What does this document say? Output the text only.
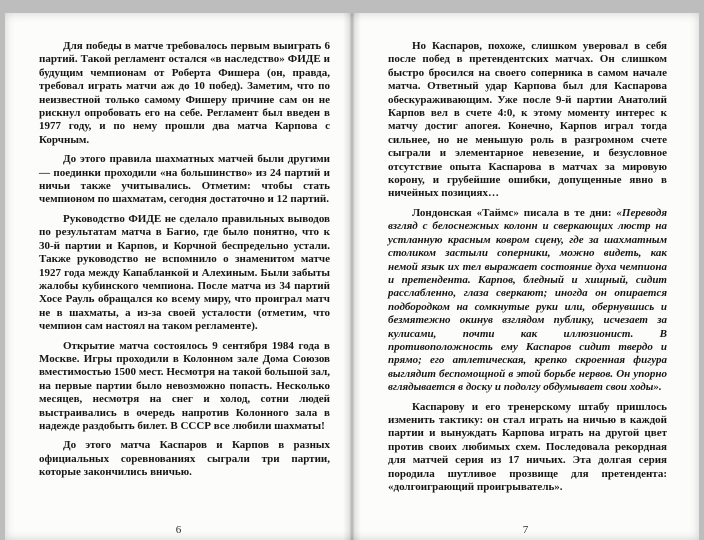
Для победы в матче требовалось первым выиграть 6 партий. Такой регламент остался «в наследство» ФИДЕ и будущим чемпионам от Роберта Фишера (он, правда, требовал играть матчи аж до 10 побед). Заметим, что по неизвестной только самому Фишеру причине сам он не рискнул опробовать его на себе. Регламент был введен в 1977 году, и по нему прошли два матча Карпова с Корчным.

До этого правила шахматных матчей были другими — поединки проходили «на большинство» из 24 партий и ничьи также учитывались. Отметим: чтобы стать чемпионом по шахматам, сегодня достаточно и 12 партий.

Руководство ФИДЕ не сделало правильных выводов по результатам матча в Багио, где было понятно, что к 30-й партии и Карпов, и Корчной беспредельно устали. Также руководство не вспомнило о знаменитом матче 1927 года между Капабланкой и Алехиным. Были забыты жалобы кубинского чемпиона. После матча из 34 партий Хосе Рауль обращался ко всему миру, что проиграл матч не в шахматы, а из-за своей усталости (отметим, что чемпион сам настоял на таком регламенте).

Открытие матча состоялось 9 сентября 1984 года в Москве. Игры проходили в Колонном зале Дома Союзов вместимостью 1500 мест. Несмотря на такой большой зал, на первые партии было невозможно попасть. Несколько месяцев, несмотря на снег и холод, сотни людей выстраивались в очередь напротив Колонного зала в надежде раздобыть билет. В СССР все любили шахматы!

До этого матча Каспаров и Карпов в разных официальных соревнованиях сыграли три партии, которые закончились вничью.

6

Но Каспаров, похоже, слишком уверовал в себя после побед в претендентских матчах. Он слишком быстро бросился на своего соперника в самом начале матча. Ответный удар Карпова был для Каспарова обескураживающим. Уже после 9-й партии Анатолий Карпов вел в счете 4:0, к этому моменту интерес к матчу достиг апогея. Конечно, Карпов играл тогда сильнее, но не меньшую роль в разгромном счете сыграли и элементарное невезение, и безусловное отсутствие опыта Каспарова в матчах за мировую корону, и грубейшие ошибки, допущенные явно в ничейных позициях…

Лондонская «Таймс» писала в те дни: «Переводя взгляд с белоснежных колонн и сверкающих люстр на устланную красным ковром сцену, где за шахматным столиком застыли соперники, можно видеть, как немой язык их тел выражает состояние духа чемпиона и претендента. Карпов, бледный и хищный, сидит расслабленно, глаза сверкают; иногда он опирается подбородком на сомкнутые руки или, обернувшись и безмятежно окинув взглядом публику, исчезает за кулисами, почти как иллюзионист. В противоположность ему Каспаров сидит твердо и прямо; его атлетическая, крепко скроенная фигура выглядит беспомощной в этой борьбе нервов. Он упорно вглядывается в доску и подолгу обдумывает свои ходы».

Каспарову и его тренерскому штабу пришлось изменить тактику: он стал играть на ничью в каждой партии и вынуждать Карпова играть на другой цвет против своих любимых схем. Последовала рекордная для матчей серия из 17 ничьих. Эта долгая серия породила шутливое прозвище для претендента: «долгоиграющий проигрыватель».

7
